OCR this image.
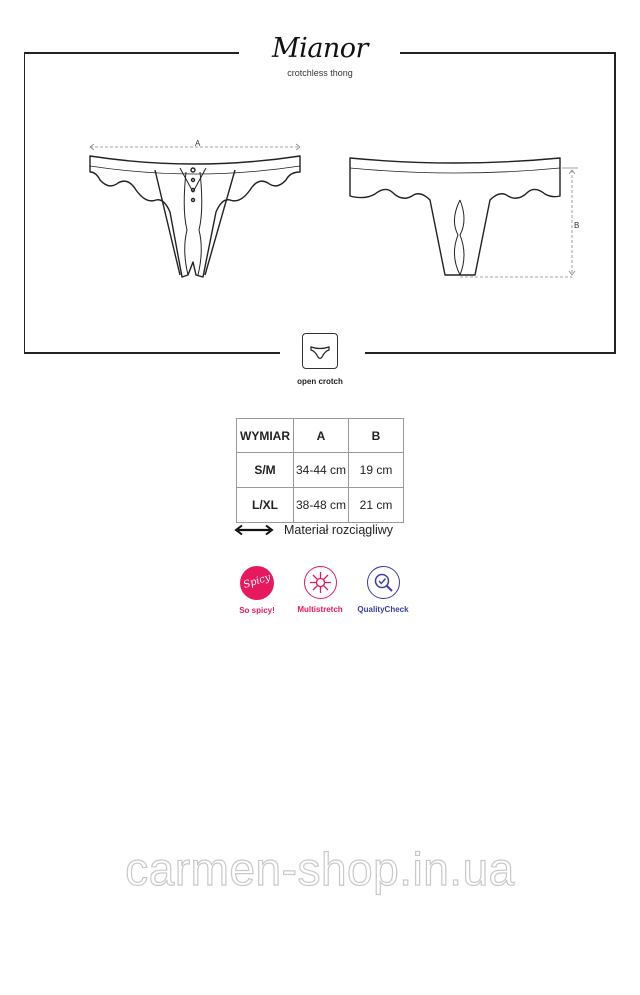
Mianor
crotchless thong
A
B
open crotch
WYMIAR	A	B
S/M	34-44 cm	19 cm
L/XL	38-48 cm	21 cm
Materiał rozciągliwy
Spicy
So spicy!	Multistretch	QualityCheck
carmen-shop.in.ua
